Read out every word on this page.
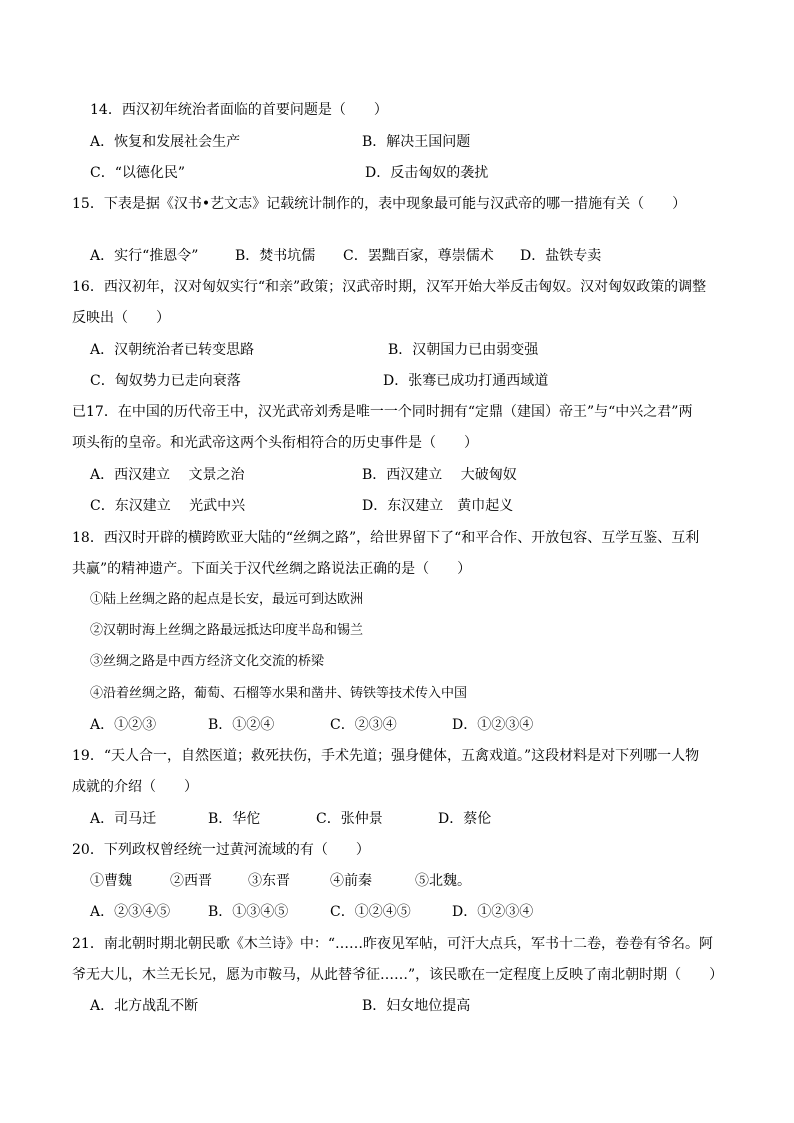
14．西汉初年统治者面临的首要问题是（　　）
A．恢复和发展社会生产	B．解决王国问题
C．“以德化民”	D．反击匈奴的袭扰
15．下表是据《汉书•艺文志》记载统计制作的，表中现象最可能与汉武帝的哪一措施有关（　　）
A．实行“推恩令”	B．焚书坑儒 C．罢黜百家，尊崇儒术 D．盐铁专卖
16．西汉初年，汉对匈奴实行“和亲”政策；汉武帝时期，汉军开始大举反击匈奴。汉对匈奴政策的调整
反映出（　　）
A．汉朝统治者已转变思路	B．汉朝国力已由弱变强
C．匈奴势力已走向衰落	D．张骞已成功打通西域道
已17．在中国的历代帝王中，汉光武帝刘秀是唯一一个同时拥有“定鼎（建国）帝王”与“中兴之君”两
项头衔的皇帝。和光武帝这两个头衔相符合的历史事件是（　　）
A．西汉建立　 文景之治	B．西汉建立　 大破匈奴
C．东汉建立　 光武中兴	D．东汉建立　黄巾起义
18．西汉时开辟的横跨欧亚大陆的“丝绸之路”，给世界留下了“和平合作、开放包容、互学互鉴、互利
共赢”的精神遗产。下面关于汉代丝绸之路说法正确的是（　　）
①陆上丝绸之路的起点是长安，最远可到达欧洲
②汉朝时海上丝绸之路最远抵达印度半岛和锡兰
③丝绸之路是中西方经济文化交流的桥梁
④沿着丝绸之路，葡萄、石榴等水果和凿井、铸铁等技术传入中国
A．①②③	B．①②④	C．②③④	D．①②③④
19．“天人合一，自然医道；救死扶伤，手术先道；强身健体，五禽戏道。”这段材料是对下列哪一人物
成就的介绍（　　）
A．司马迁	B．华佗	C．张仲景	D．蔡伦
20．下列政权曾经统一过黄河流域的有（　　）
①曹魏	②西晋	③东晋	④前秦	⑤北魏。
A．②③④⑤	B．①③④⑤	C．①②④⑤	D．①②③④
21．南北朝时期北朝民歌《木兰诗》中：“……昨夜见军帖，可汗大点兵，军书十二卷，卷卷有爷名。阿
爷无大儿，木兰无长兄，愿为市鞍马，从此替爷征……”，该民歌在一定程度上反映了南北朝时期（　　）
A．北方战乱不断	B．妇女地位提高
